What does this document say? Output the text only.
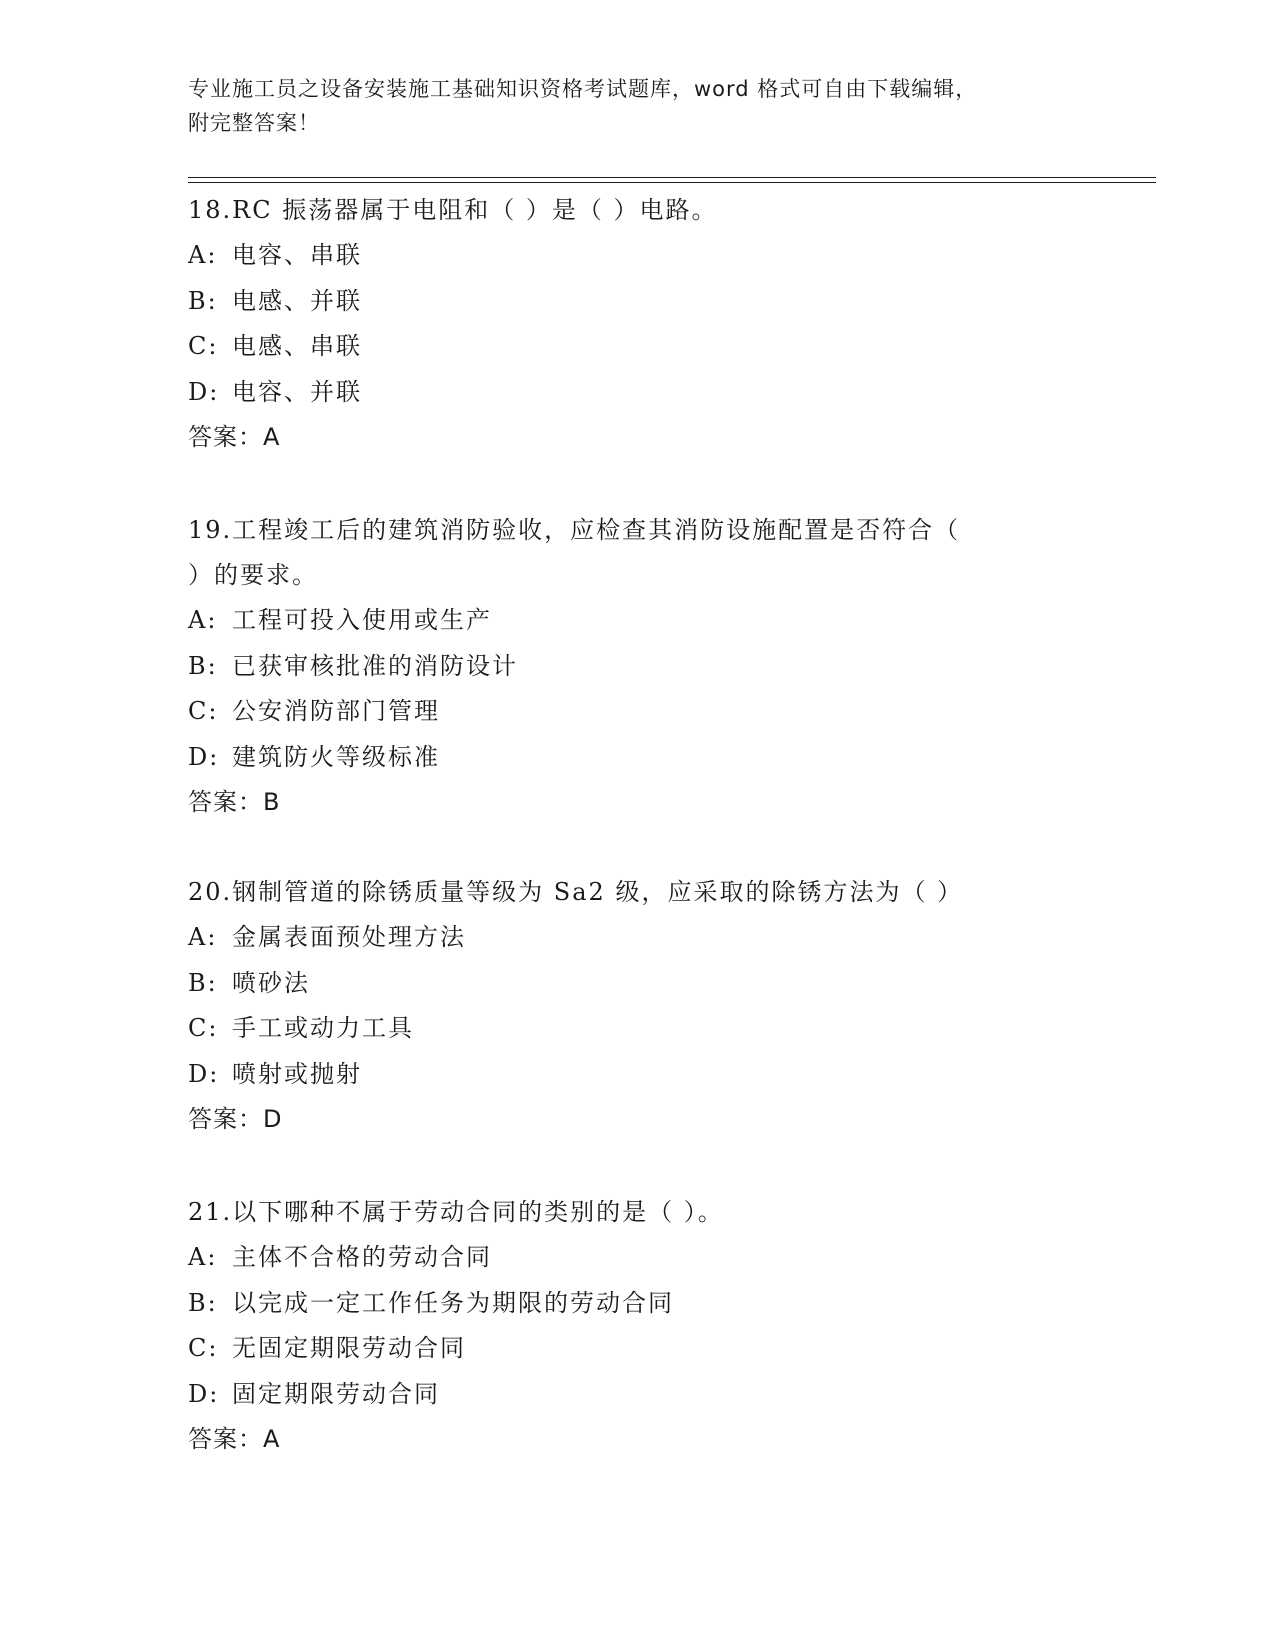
专业施工员之设备安装施工基础知识资格考试题库，word 格式可自由下载编辑，
附完整答案！
18.RC 振荡器属于电阻和（ ）是（ ）电路。
A: 电容、串联
B: 电感、并联
C: 电感、串联
D: 电容、并联
答案：A
19.工程竣工后的建筑消防验收，应检查其消防设施配置是否符合（
）的要求。
A: 工程可投入使用或生产
B: 已获审核批准的消防设计
C: 公安消防部门管理
D: 建筑防火等级标准
答案：B
20.钢制管道的除锈质量等级为 Sa2 级，应采取的除锈方法为（ ）
A: 金属表面预处理方法
B: 喷砂法
C: 手工或动力工具
D: 喷射或抛射
答案：D
21.以下哪种不属于劳动合同的类别的是（ ）。
A: 主体不合格的劳动合同
B: 以完成一定工作任务为期限的劳动合同
C: 无固定期限劳动合同
D: 固定期限劳动合同
答案：A
